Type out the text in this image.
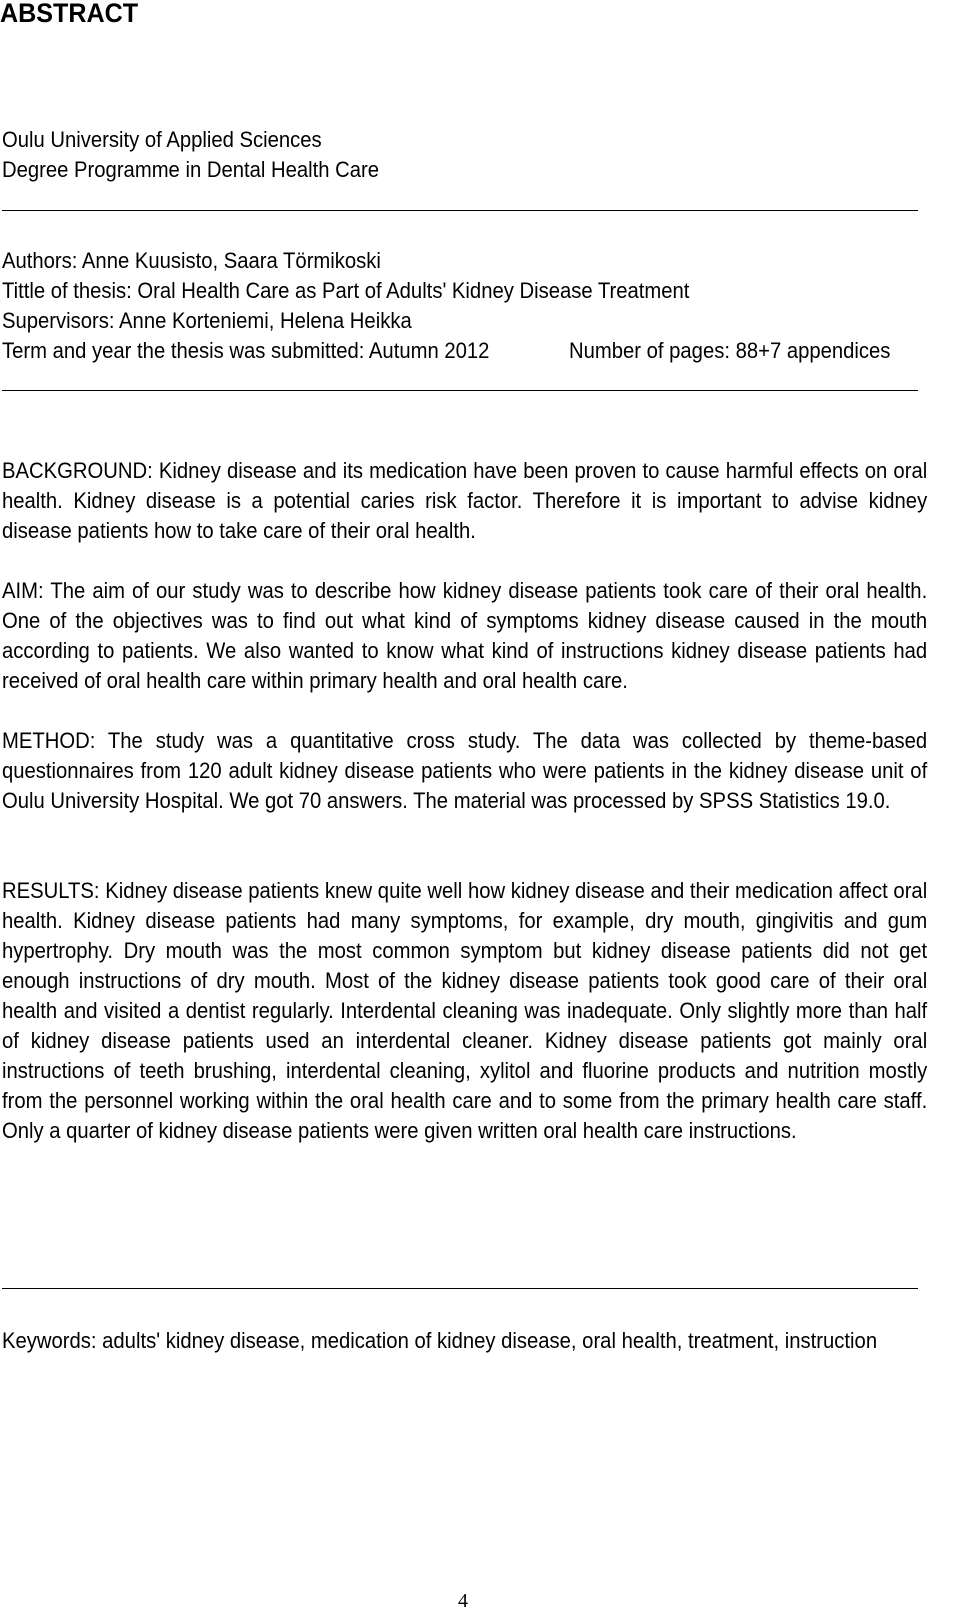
ABSTRACT
Oulu University of Applied Sciences
Degree Programme in Dental Health Care
Authors: Anne Kuusisto, Saara Törmikoski
Tittle of thesis: Oral Health Care as Part of Adults' Kidney Disease Treatment
Supervisors: Anne Korteniemi, Helena Heikka
Term and year the thesis was submitted: Autumn 2012	Number of pages: 88+7 appendices

BACKGROUND: Kidney disease and its medication have been proven to cause harmful effects on oral health. Kidney disease is a potential caries risk factor. Therefore it is important to advise kidney disease patients how to take care of their oral health.

AIM: The aim of our study was to describe how kidney disease patients took care of their oral health. One of the objectives was to find out what kind of symptoms kidney disease caused in the mouth according to patients. We also wanted to know what kind of instructions kidney disease patients had received of oral health care within primary health and oral health care.

METHOD: The study was a quantitative cross study. The data was collected by theme-based questionnaires from 120 adult kidney disease patients who were patients in the kidney disease unit of Oulu University Hospital. We got 70 answers. The material was processed by SPSS Statistics 19.0.

RESULTS: Kidney disease patients knew quite well how kidney disease and their medication affect oral health. Kidney disease patients had many symptoms, for example, dry mouth, gingivitis and gum hypertrophy. Dry mouth was the most common symptom but kidney disease patients did not get enough instructions of dry mouth. Most of the kidney disease patients took good care of their oral health and visited a dentist regularly. Interdental cleaning was inadequate. Only slightly more than half of kidney disease patients used an interdental cleaner. Kidney disease patients got mainly oral instructions of teeth brushing, interdental cleaning, xylitol and fluorine products and nutrition mostly from the personnel working within the oral health care and to some from the primary health care staff. Only a quarter of kidney disease patients were given written oral health care instructions.

Keywords: adults' kidney disease, medication of kidney disease, oral health, treatment, instruction

4
